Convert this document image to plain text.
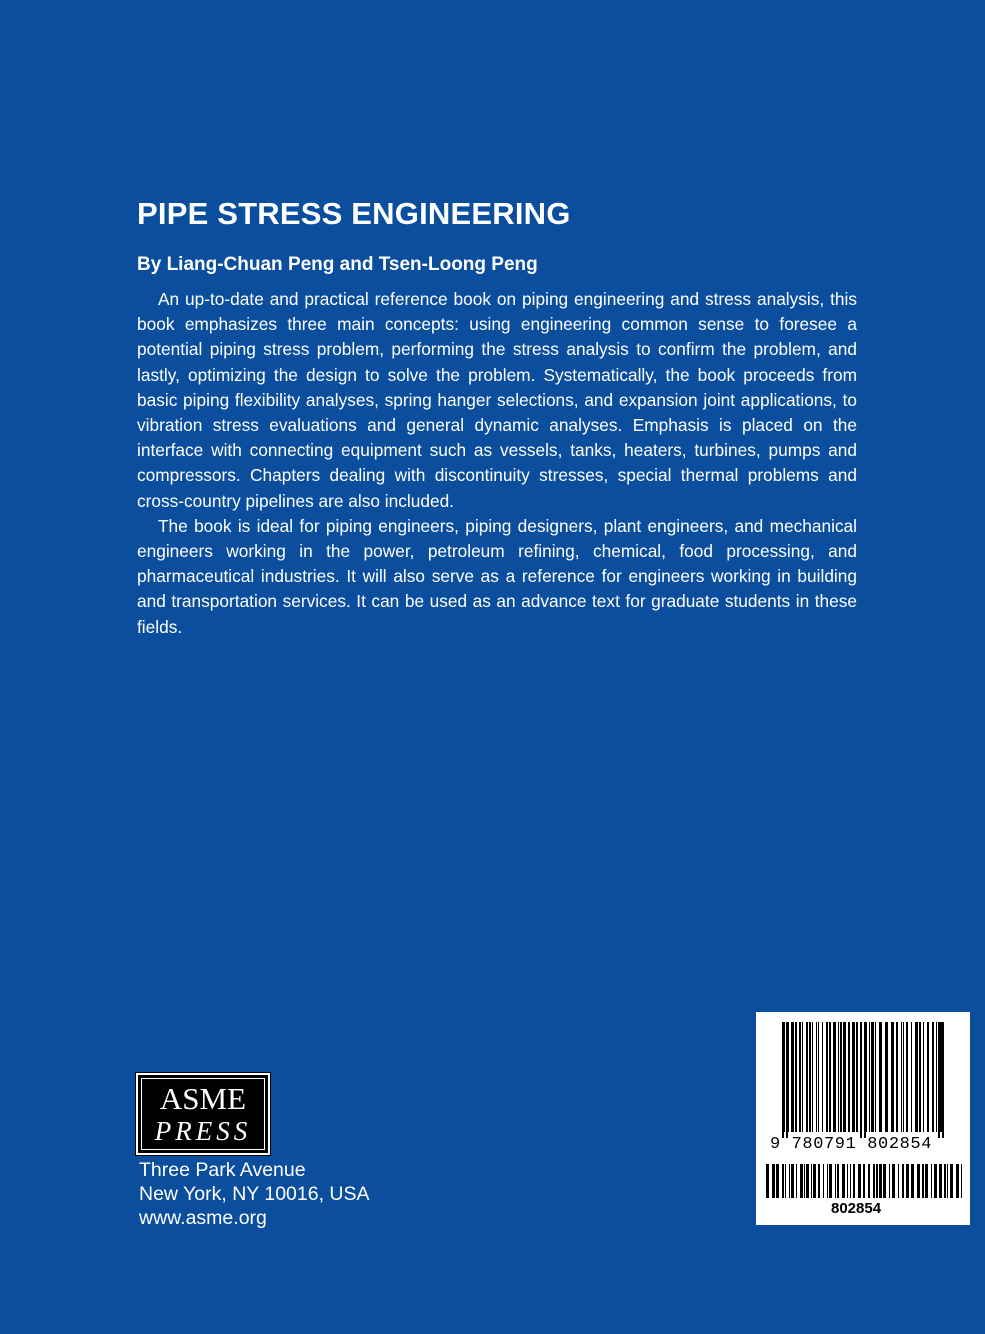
PIPE STRESS ENGINEERING
By Liang-Chuan Peng and Tsen-Loong Peng

An up-to-date and practical reference book on piping engineering and stress analysis, this book emphasizes three main concepts: using engineering common sense to foresee a potential piping stress problem, performing the stress analysis to confirm the problem, and lastly, optimizing the design to solve the problem. Systematically, the book proceeds from basic piping flexibility analyses, spring hanger selections, and expansion joint applications, to vibration stress evaluations and general dynamic analyses. Emphasis is placed on the interface with connecting equipment such as vessels, tanks, heaters, turbines, pumps and compressors. Chapters dealing with discontinuity stresses, special thermal problems and cross-country pipelines are also included.

The book is ideal for piping engineers, piping designers, plant engineers, and mechanical engineers working in the power, petroleum refining, chemical, food processing, and pharmaceutical industries. It will also serve as a reference for engineers working in building and transportation services. It can be used as an advance text for graduate students in these fields.

ASME
PRESS
Three Park Avenue
New York, NY 10016, USA
www.asme.org
9 780791 802854
802854
